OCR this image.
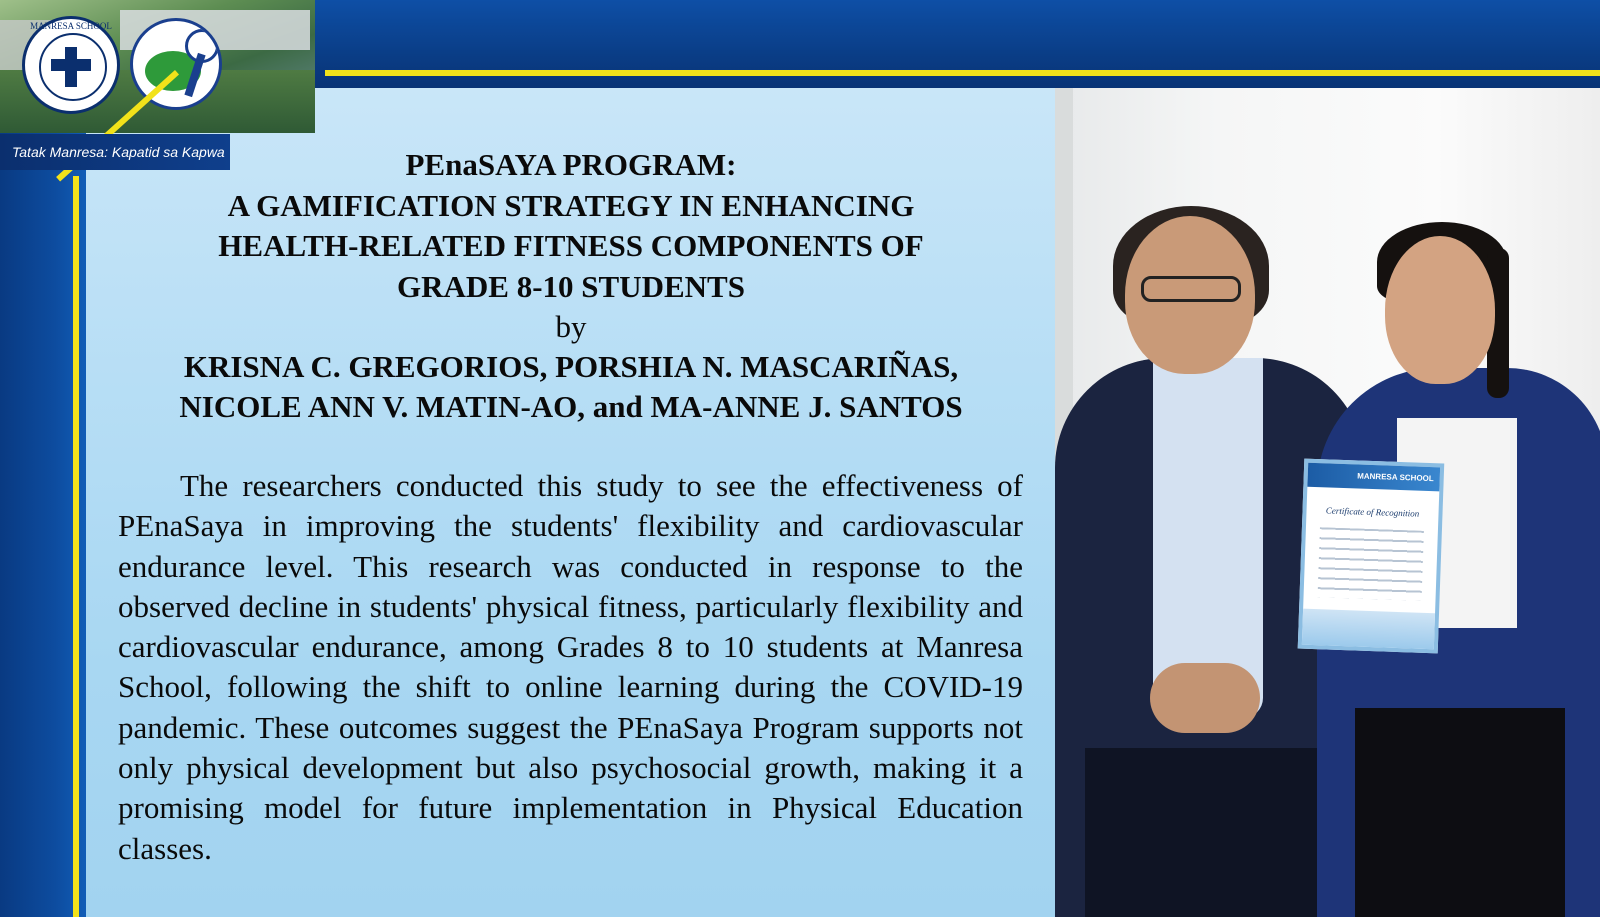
MANRESA SCHOOL
Tatak Manresa: Kapatid sa Kapwa	PEnaSAYA PROGRAM:

A GAMIFICATION STRATEGY IN ENHANCING

HEALTH-RELATED FITNESS COMPONENTS OF

GRADE 8-10 STUDENTS

by

KRISNA C. GREGORIOS, PORSHIA N. MASCARIÑAS,

NICOLE ANN V. MATIN-AO, and MA-ANNE J. SANTOS

The researchers conducted this study to see the effectiveness of PEnaSaya in improving the students' flexibility and cardiovascular endurance level. This research was conducted in response to the observed decline in students' physical fitness, particularly flexibility and cardiovascular endurance, among Grades 8 to 10 students at Manresa School, following the shift to online learning during the COVID-19 pandemic. These outcomes suggest the PEnaSaya Program supports not only physical development but also psychosocial growth, making it a promising model for future implementation in Physical Education classes.

MANRESA SCHOOL
Certificate of Recognition
